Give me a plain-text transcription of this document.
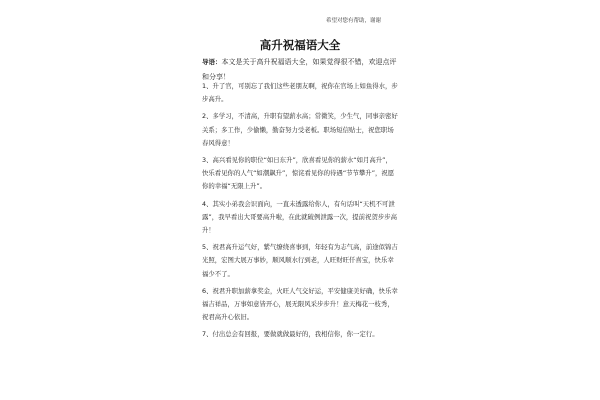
希望对您有帮助，谢谢
高升祝福语大全
导语：本文是关于高升祝福语大全，如果觉得很不错，欢迎点评和分享！

1、升了官，可别忘了我们这些老朋友啊，祝你在官场上如鱼得水，步步高升。

2、多学习，不清高，升职有望薪水高；常微笑，少生气，同事亲密好关系；多工作，少偷懒，勤奋努力受老板。职场短信贴士，祝您职场春风得意！

3、高兴看见你的职位“如日东升”，欣喜看见你的薪水“如月高升”，快乐看见你的人气“如潮飙升”，惊诧看见你的待遇“节节攀升”，祝愿你的幸福“无限上升”。

4、其实小弟我会识面向，一直未透露给你人，有句话叫“天机不可泄露”，我早看出大哥要高升啦，在此就破例泄露一次，提前祝贺步步高升！

5、祝君高升运气好，紫气缭绕喜事到，年轻有为志气高，前途似锦吉光照，宏图大展万事妙，顺风顺水行到老，人旺财旺仟喜宝，快乐幸福少不了。

6、祝君升职加薪拿奖金，火旺人气交好运，平安健康美好确，快乐幸福吉祥品，万事如意皆开心，展无限风采步步升！意天梅花一枝秀，祝君高升心依旧。

7、付出总会有回报，要做就做最好的，我相信你，你一定行。
